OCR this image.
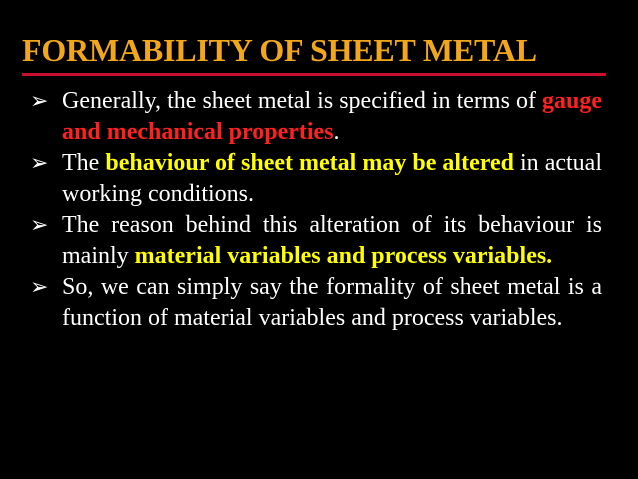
FORMABILITY OF SHEET METAL
➢ Generally, the sheet metal is specified in terms of gauge and mechanical properties.
➢ The behaviour of sheet metal may be altered in actual working conditions.
➢ The reason behind this alteration of its behaviour is mainly material variables and process variables.
➢ So, we can simply say the formality of sheet metal is a function of material variables and process variables.
